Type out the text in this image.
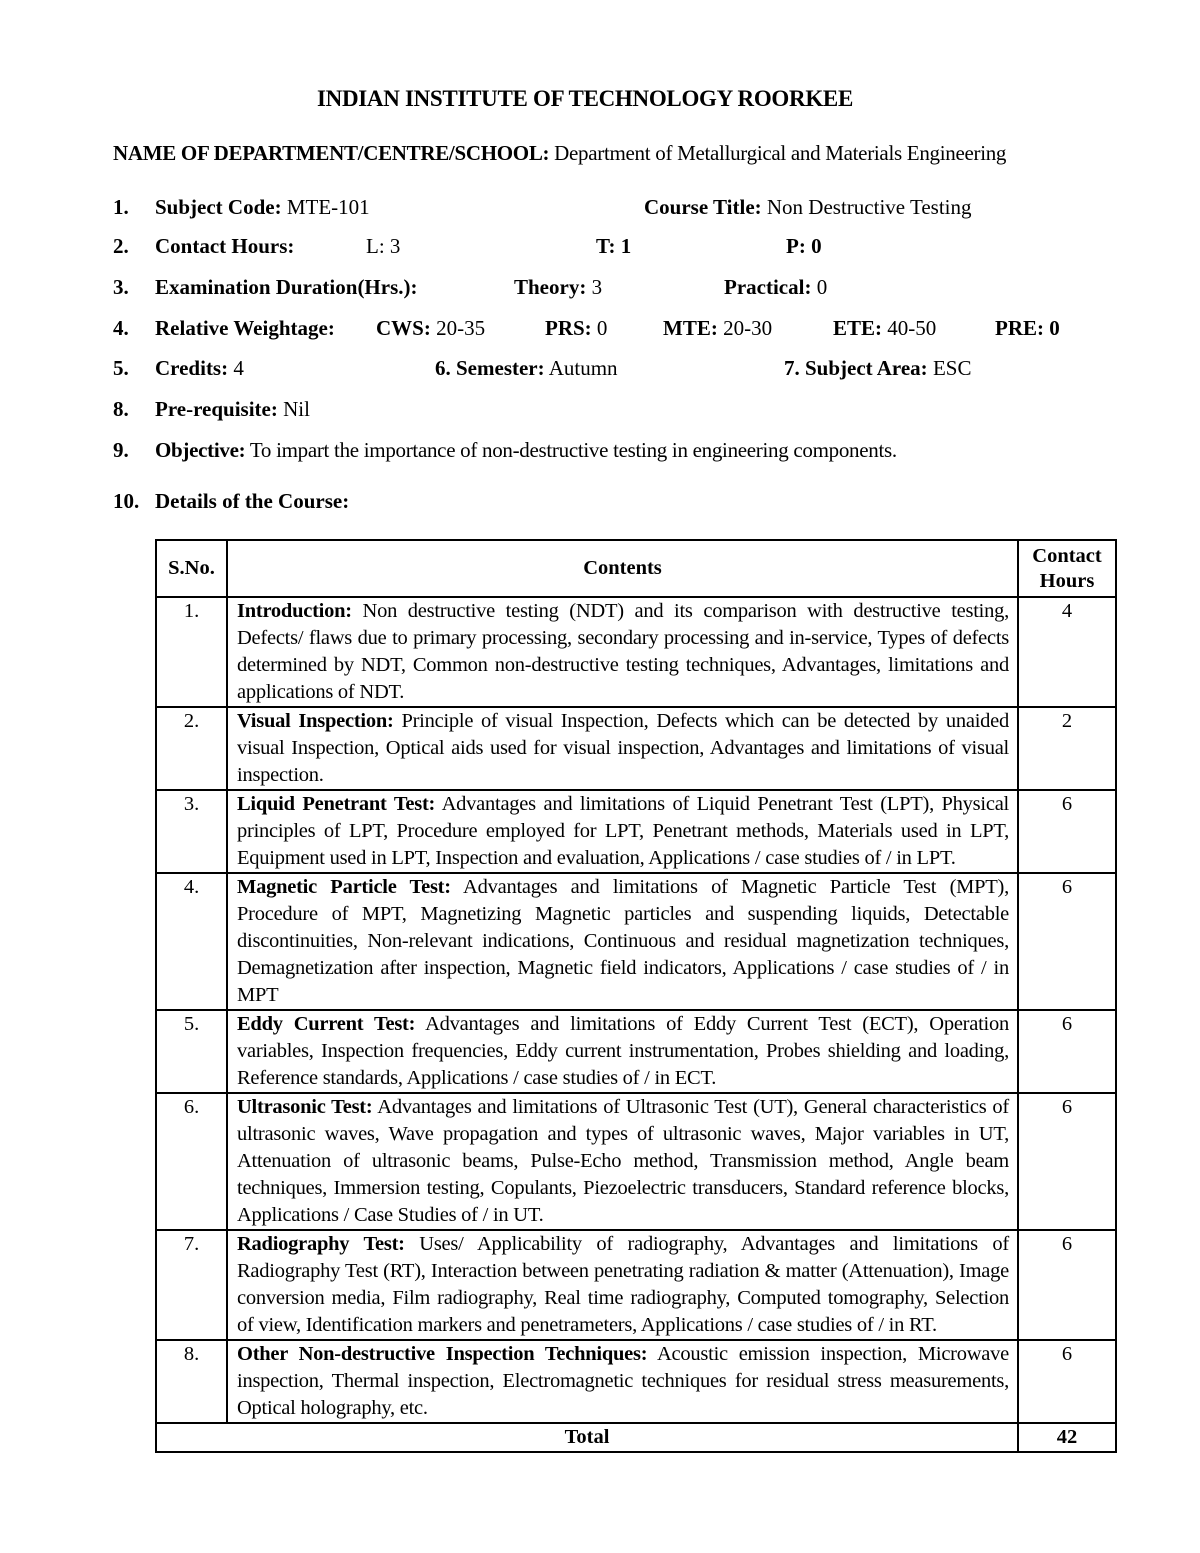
INDIAN INSTITUTE OF TECHNOLOGY ROORKEE
NAME OF DEPARTMENT/CENTRE/SCHOOL: Department of Metallurgical and Materials Engineering
1. Subject Code: MTE-101	Course Title: Non Destructive Testing
2. Contact Hours:	L: 3	T: 1	P: 0
3. Examination Duration(Hrs.):	Theory: 3	Practical: 0
4. Relative Weightage: CWS: 20-35	PRS: 0	MTE: 20-30	ETE: 40-50	PRE: 0
5. Credits: 4	6. Semester: Autumn	7. Subject Area: ESC
8. Pre-requisite: Nil
9. Objective: To impart the importance of non-destructive testing in engineering components.
10. Details of the Course:
S.No.	Contents	Contact
Hours
1.	Introduction: Non destructive testing (NDT) and its comparison with destructive testing, Defects/ flaws due to primary processing, secondary processing and in-service, Types of defects determined by NDT, Common non-destructive testing techniques, Advantages, limitations and applications of NDT.	4
2.	Visual Inspection: Principle of visual Inspection, Defects which can be detected by unaided visual Inspection, Optical aids used for visual inspection, Advantages and limitations of visual inspection.	2
3.	Liquid Penetrant Test: Advantages and limitations of Liquid Penetrant Test (LPT), Physical principles of LPT, Procedure employed for LPT, Penetrant methods, Materials used in LPT, Equipment used in LPT, Inspection and evaluation, Applications / case studies of / in LPT.	6
4.	Magnetic Particle Test: Advantages and limitations of Magnetic Particle Test (MPT), Procedure of MPT, Magnetizing Magnetic particles and suspending liquids, Detectable discontinuities, Non-relevant indications, Continuous and residual magnetization techniques, Demagnetization after inspection, Magnetic field indicators, Applications / case studies of / in MPT	6
5.	Eddy Current Test: Advantages and limitations of Eddy Current Test (ECT), Operation variables, Inspection frequencies, Eddy current instrumentation, Probes shielding and loading, Reference standards, Applications / case studies of / in ECT.	6
6.	Ultrasonic Test: Advantages and limitations of Ultrasonic Test (UT), General characteristics of ultrasonic waves, Wave propagation and types of ultrasonic waves, Major variables in UT, Attenuation of ultrasonic beams, Pulse-Echo method, Transmission method, Angle beam techniques, Immersion testing, Copulants, Piezoelectric transducers, Standard reference blocks, Applications / Case Studies of / in UT.	6
7.	Radiography Test: Uses/ Applicability of radiography, Advantages and limitations of Radiography Test (RT), Interaction between penetrating radiation & matter (Attenuation), Image conversion media, Film radiography, Real time radiography, Computed tomography, Selection of view, Identification markers and penetrameters, Applications / case studies of / in RT.	6
8.	Other Non-destructive Inspection Techniques: Acoustic emission inspection, Microwave inspection, Thermal inspection, Electromagnetic techniques for residual stress measurements, Optical holography, etc.	6
Total		42
